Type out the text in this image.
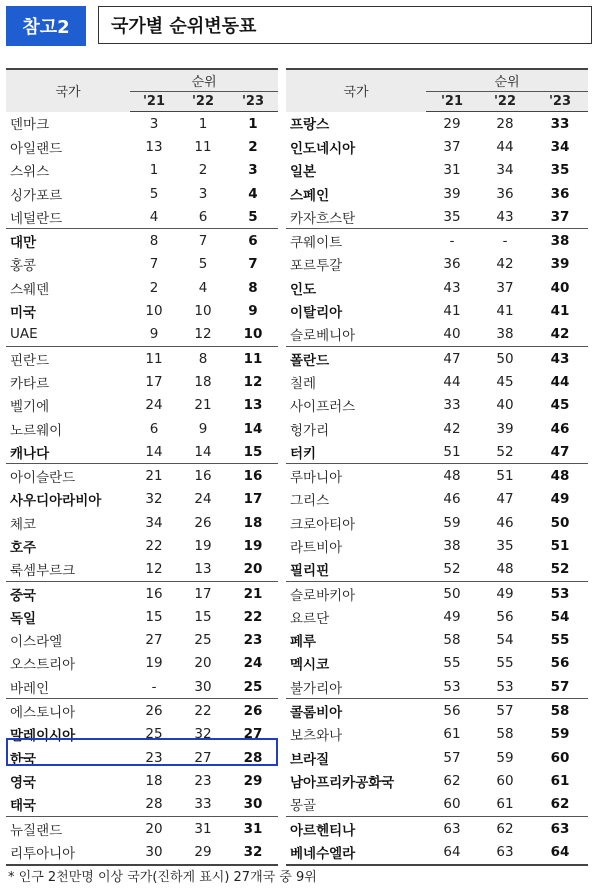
참고2	국가별 순위변동표
국가	순위		
	'21	'22	'23
덴마크	3	1	1
아일랜드	13	11	2
스위스	1	2	3
싱가포르	5	3	4
네덜란드	4	6	5
대만	8	7	6
홍콩	7	5	7
스웨덴	2	4	8
미국	10	10	9
UAE	9	12	10
핀란드	11	8	11
카타르	17	18	12
벨기에	24	21	13
노르웨이	6	9	14
캐나다	14	14	15
아이슬란드	21	16	16
사우디아라비아	32	24	17
체코	34	26	18
호주	22	19	19
룩셈부르크	12	13	20
중국	16	17	21
독일	15	15	22
이스라엘	27	25	23
오스트리아	19	20	24
바레인	-	30	25
에스토니아	26	22	26
말레이시아	25	32	27
한국	23	27	28
영국	18	23	29
태국	28	33	30
뉴질랜드	20	31	31
리투아니아	30	29	32
국가	순위		
	'21	'22	'23
프랑스	29	28	33
인도네시아	37	44	34
일본	31	34	35
스페인	39	36	36
카자흐스탄	35	43	37
쿠웨이트	-	-	38
포르투갈	36	42	39
인도	43	37	40
이탈리아	41	41	41
슬로베니아	40	38	42
폴란드	47	50	43
칠레	44	45	44
사이프러스	33	40	45
헝가리	42	39	46
터키	51	52	47
루마니아	48	51	48
그리스	46	47	49
크로아티아	59	46	50
라트비아	38	35	51
필리핀	52	48	52
슬로바키아	50	49	53
요르단	49	56	54
페루	58	54	55
멕시코	55	55	56
불가리아	53	53	57
콜롬비아	56	57	58
보츠와나	61	58	59
브라질	57	59	60
남아프리카공화국	62	60	61
몽골	60	61	62
아르헨티나	63	62	63
베네수엘라	64	63	64
* 인구 2천만명 이상 국가(진하게 표시) 27개국 중 9위
